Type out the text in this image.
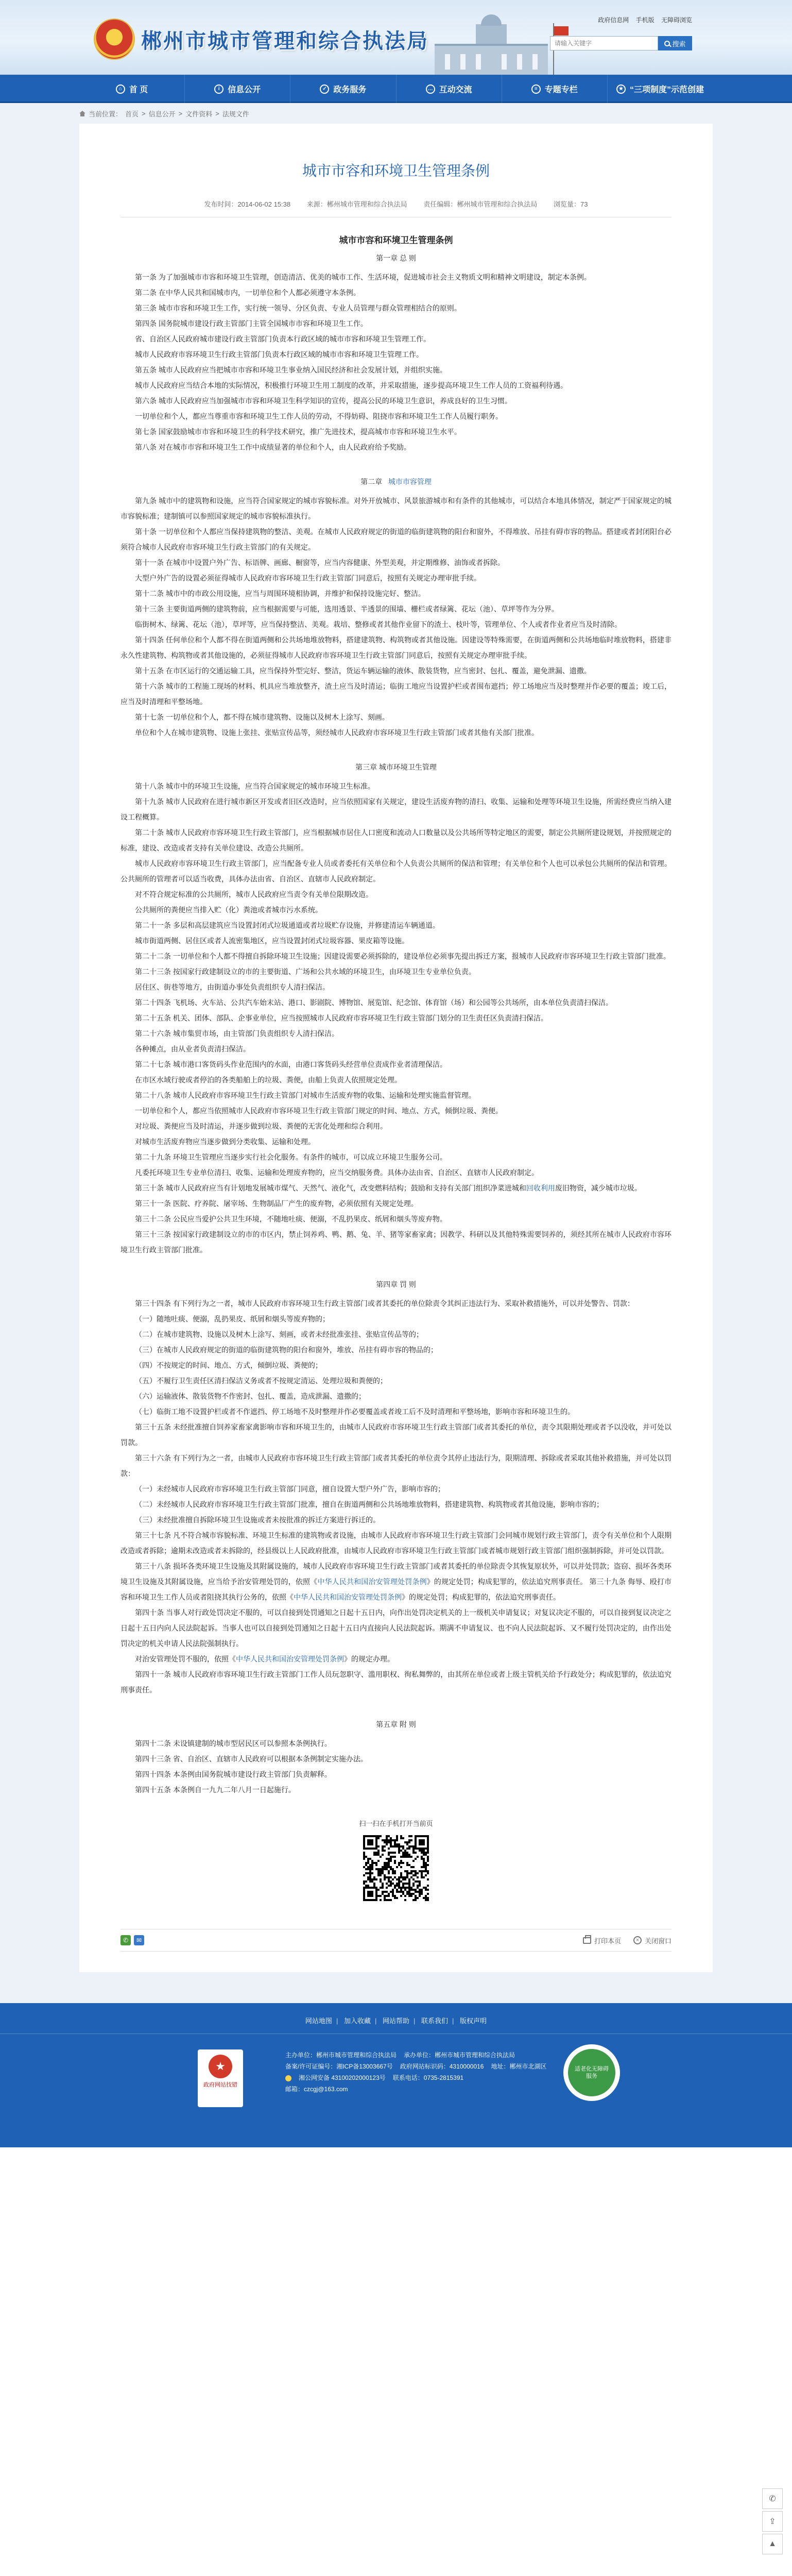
★ 郴州市城市管理和综合执法局
政府信息网 手机版 无障碍浏览
请输入关键字
搜索
⌂ 首 页	i 信息公开	✓ 政务服务	… 互动交流	≡ 专题专栏	★ “三项制度”示范创建
当前位置： 首页 > 信息公开 > 文件资料 > 法规文件
城市市容和环境卫生管理条例
发布时间：2014-06-02 15:38 来源：郴州城市管理和综合执法局 责任编辑：郴州城市管理和综合执法局 浏览量：73
城市市容和环境卫生管理条例
第一章 总 则

第一条 为了加强城市市容和环境卫生管理，创造清洁、优美的城市工作、生活环境，促进城市社会主义物质文明和精神文明建设，制定本条例。

第二条 在中华人民共和国城市内，一切单位和个人都必须遵守本条例。

第三条 城市市容和环境卫生工作，实行统一领导、分区负责、专业人员管理与群众管理相结合的原则。

第四条 国务院城市建设行政主管部门主管全国城市市容和环境卫生工作。

省、自治区人民政府城市建设行政主管部门负责本行政区域的城市市容和环境卫生管理工作。

城市人民政府市容环境卫生行政主管部门负责本行政区域的城市市容和环境卫生管理工作。

第五条 城市人民政府应当把城市市容和环境卫生事业纳入国民经济和社会发展计划，并组织实施。

城市人民政府应当结合本地的实际情况，积极推行环境卫生用工制度的改革，并采取措施，逐步提高环境卫生工作人员的工资福利待遇。

第六条 城市人民政府应当加强城市市容和环境卫生科学知识的宣传，提高公民的环境卫生意识，养成良好的卫生习惯。

一切单位和个人，都应当尊重市容和环境卫生工作人员的劳动，不得妨碍、阻挠市容和环境卫生工作人员履行职务。

第七条 国家鼓励城市市容和环境卫生的科学技术研究，推广先进技术，提高城市市容和环境卫生水平。

第八条 对在城市市容和环境卫生工作中成绩显著的单位和个人，由人民政府给予奖励。

第二章 城市市容管理

第九条 城市中的建筑物和设施，应当符合国家规定的城市容貌标准。对外开放城市、风景旅游城市和有条件的其他城市，可以结合本地具体情况，制定严于国家规定的城市容貌标准；建制镇可以参照国家规定的城市容貌标准执行。

第十条 一切单位和个人都应当保持建筑物的整洁、美观。在城市人民政府规定的街道的临街建筑物的阳台和窗外，不得堆放、吊挂有碍市容的物品。搭建或者封闭阳台必须符合城市人民政府市容环境卫生行政主管部门的有关规定。

第十一条 在城市中设置户外广告、标语牌、画廊、橱窗等，应当内容健康、外型美观，并定期维修、油饰或者拆除。

大型户外广告的设置必须征得城市人民政府市容环境卫生行政主管部门同意后，按照有关规定办理审批手续。

第十二条 城市中的市政公用设施，应当与周围环境相协调，并维护和保持设施完好、整洁。

第十三条 主要街道两侧的建筑物前，应当根据需要与可能，选用透景、半透景的围墙、栅栏或者绿篱、花坛（池）、草坪等作为分界。

临街树木、绿篱、花坛（池），草坪等，应当保持整洁、美观。栽培、整修或者其他作业留下的渣土、枝叶等，管理单位、个人或者作业者应当及时清除。

第十四条 任何单位和个人都不得在街道两侧和公共场地堆放物料，搭建建筑物、构筑物或者其他设施。因建设等特殊需要，在街道两侧和公共场地临时堆放物料，搭建非永久性建筑物、构筑物或者其他设施的，必须征得城市人民政府市容环境卫生行政主管部门同意后，按照有关规定办理审批手续。

第十五条 在市区运行的交通运输工具，应当保持外型完好、整洁，货运车辆运输的液体、散装货物，应当密封、包扎、覆盖，避免泄漏、遗撒。

第十六条 城市的工程施工现场的材料、机具应当堆放整齐，渣土应当及时清运；临街工地应当设置护栏或者围布遮挡；停工场地应当及时整理并作必要的覆盖；竣工后，应当及时清理和平整场地。

第十七条 一切单位和个人，都不得在城市建筑物、设施以及树木上涂写、刻画。

单位和个人在城市建筑物、设施上张挂、张贴宣传品等，须经城市人民政府市容环境卫生行政主管部门或者其他有关部门批准。

第三章 城市环境卫生管理

第十八条 城市中的环境卫生设施，应当符合国家规定的城市环境卫生标准。

第十九条 城市人民政府在进行城市新区开发或者旧区改造时，应当依照国家有关规定，建设生活废弃物的清扫、收集、运输和处理等环境卫生设施，所需经费应当纳入建设工程概算。

第二十条 城市人民政府市容环境卫生行政主管部门，应当根据城市居住人口密度和流动人口数量以及公共场所等特定地区的需要，制定公共厕所建设规划，并按照规定的标准，建设、改造或者支持有关单位建设、改造公共厕所。

城市人民政府市容环境卫生行政主管部门，应当配备专业人员或者委托有关单位和个人负责公共厕所的保洁和管理；有关单位和个人也可以承包公共厕所的保洁和管理。公共厕所的管理者可以适当收费，具体办法由省、自治区、直辖市人民政府制定。

对不符合规定标准的公共厕所，城市人民政府应当责令有关单位限期改造。

公共厕所的粪便应当排入贮（化）粪池或者城市污水系统。

第二十一条 多层和高层建筑应当设置封闭式垃圾通道或者垃圾贮存设施，并修建清运车辆通道。

城市街道两侧、居住区或者人流密集地区，应当设置封闭式垃圾容器、果皮箱等设施。

第二十二条 一切单位和个人都不得擅自拆除环境卫生设施；因建设需要必须拆除的，建设单位必须事先提出拆迁方案，报城市人民政府市容环境卫生行政主管部门批准。

第二十三条 按国家行政建制设立的市的主要街道、广场和公共水域的环境卫生，由环境卫生专业单位负责。

居住区、街巷等地方，由街道办事处负责组织专人清扫保洁。

第二十四条 飞机场、火车站、公共汽车始末站、港口、影剧院、博物馆、展览馆、纪念馆、体育馆（场）和公园等公共场所，由本单位负责清扫保洁。

第二十五条 机关、团体、部队、企事业单位，应当按照城市人民政府市容环境卫生行政主管部门划分的卫生责任区负责清扫保洁。

第二十六条 城市集贸市场，由主管部门负责组织专人清扫保洁。

各种摊点，由从业者负责清扫保洁。

第二十七条 城市港口客货码头作业范围内的水面，由港口客货码头经营单位责成作业者清理保洁。

在市区水域行驶或者停泊的各类船舶上的垃圾、粪便，由船上负责人依照规定处理。

第二十八条 城市人民政府市容环境卫生行政主管部门对城市生活废弃物的收集、运输和处理实施监督管理。

一切单位和个人，都应当依照城市人民政府市容环境卫生行政主管部门规定的时间、地点、方式，倾倒垃圾、粪便。

对垃圾、粪便应当及时清运，并逐步做到垃圾、粪便的无害化处理和综合利用。

对城市生活废弃物应当逐步做到分类收集、运输和处理。

第二十九条 环境卫生管理应当逐步实行社会化服务。有条件的城市，可以成立环境卫生服务公司。

凡委托环境卫生专业单位清扫、收集、运输和处理废弃物的，应当交纳服务费。具体办法由省、自治区、直辖市人民政府制定。

第三十条 城市人民政府应当有计划地发展城市煤气、天然气、液化气，改变燃料结构；鼓励和支持有关部门组织净菜进城和回收利用废旧物资，减少城市垃圾。

第三十一条 医院、疗养院、屠宰场、生物制品厂产生的废弃物，必须依照有关规定处理。

第三十二条 公民应当爱护公共卫生环境，不随地吐痰、便溺，不乱扔果皮、纸屑和烟头等废弃物。

第三十三条 按国家行政建制设立的市的市区内，禁止饲养鸡、鸭、鹅、兔、羊、猪等家畜家禽；因教学、科研以及其他特殊需要饲养的，须经其所在城市人民政府市容环境卫生行政主管部门批准。

第四章 罚 则

第三十四条 有下列行为之一者，城市人民政府市容环境卫生行政主管部门或者其委托的单位除责令其纠正违法行为、采取补救措施外，可以并处警告、罚款：

（一）随地吐痰、便溺，乱扔果皮、纸屑和烟头等废弃物的；

（二）在城市建筑物、设施以及树木上涂写、刻画，或者未经批准张挂、张贴宣传品等的；

（三）在城市人民政府规定的街道的临街建筑物的阳台和窗外，堆放、吊挂有碍市容的物品的；

（四）不按规定的时间、地点、方式，倾倒垃圾、粪便的；

（五）不履行卫生责任区清扫保洁义务或者不按规定清运、处理垃圾和粪便的；

（六）运输液体、散装货物不作密封、包扎、覆盖，造成泄漏、遗撒的；

（七）临街工地不设置护栏或者不作遮挡、停工场地不及时整理并作必要覆盖或者竣工后不及时清理和平整场地，影响市容和环境卫生的。

第三十五条 未经批准擅自饲养家畜家禽影响市容和环境卫生的，由城市人民政府市容环境卫生行政主管部门或者其委托的单位，责令其限期处理或者予以没收，并可处以罚款。

第三十六条 有下列行为之一者，由城市人民政府市容环境卫生行政主管部门或者其委托的单位责令其停止违法行为，限期清理、拆除或者采取其他补救措施，并可处以罚款：

（一）未经城市人民政府市容环境卫生行政主管部门同意，擅自设置大型户外广告，影响市容的；

（二）未经城市人民政府市容环境卫生行政主管部门批准，擅自在街道两侧和公共场地堆放物料，搭建建筑物、构筑物或者其他设施，影响市容的；

（三）未经批准擅自拆除环境卫生设施或者未按批准的拆迁方案进行拆迁的。

第三十七条 凡不符合城市容貌标准、环境卫生标准的建筑物或者设施，由城市人民政府市容环境卫生行政主管部门会同城市规划行政主管部门，责令有关单位和个人限期改造或者拆除；逾期未改造或者未拆除的，经县级以上人民政府批准，由城市人民政府市容环境卫生行政主管部门或者城市规划行政主管部门组织强制拆除，并可处以罚款。

第三十八条 损坏各类环境卫生设施及其附属设施的，城市人民政府市容环境卫生行政主管部门或者其委托的单位除责令其恢复原状外，可以并处罚款；盗窃、损坏各类环境卫生设施及其附属设施，应当给予治安管理处罚的，依照《中华人民共和国治安管理处罚条例》的规定处罚；构成犯罪的，依法追究刑事责任。 第三十九条 侮辱、殴打市容和环境卫生工作人员或者阻挠其执行公务的，依照《中华人民共和国治安管理处罚条例》的规定处罚；构成犯罪的，依法追究刑事责任。

第四十条 当事人对行政处罚决定不服的，可以自接到处罚通知之日起十五日内，向作出处罚决定机关的上一级机关申请复议；对复议决定不服的，可以自接到复议决定之日起十五日内向人民法院起诉。当事人也可以自接到处罚通知之日起十五日内直接向人民法院起诉。期满不申请复议、也不向人民法院起诉、又不履行处罚决定的，由作出处罚决定的机关申请人民法院强制执行。

对治安管理处罚不服的，依照《中华人民共和国治安管理处罚条例》的规定办理。

第四十一条 城市人民政府市容环境卫生行政主管部门工作人员玩忽职守、滥用职权、徇私舞弊的，由其所在单位或者上级主管机关给予行政处分；构成犯罪的，依法追究刑事责任。

第五章 附 则

第四十二条 未设镇建制的城市型居民区可以参照本条例执行。

第四十三条 省、自治区、直辖市人民政府可以根据本条例制定实施办法。

第四十四条 本条例由国务院城市建设行政主管部门负责解释。

第四十五条 本条例自一九九二年八月一日起施行。

扫一扫在手机打开当前页
✆	✉	打印本页	× 关闭窗口
网站地图 | 加入收藏 | 网站帮助 | 联系我们 | 版权声明
★
政府网站找错
主办单位：郴州市城市管理和综合执法局 承办单位：郴州市城市管理和综合执法局
备案/许可证编号：湘ICP备13003667号 政府网站标识码：4310000016 地址：郴州市北湖区
湘公网安备 43100202000123号 联系电话：0735-2815391
邮箱：czcgj@163.com
适老化无障碍服务
✆
⇪
▲
